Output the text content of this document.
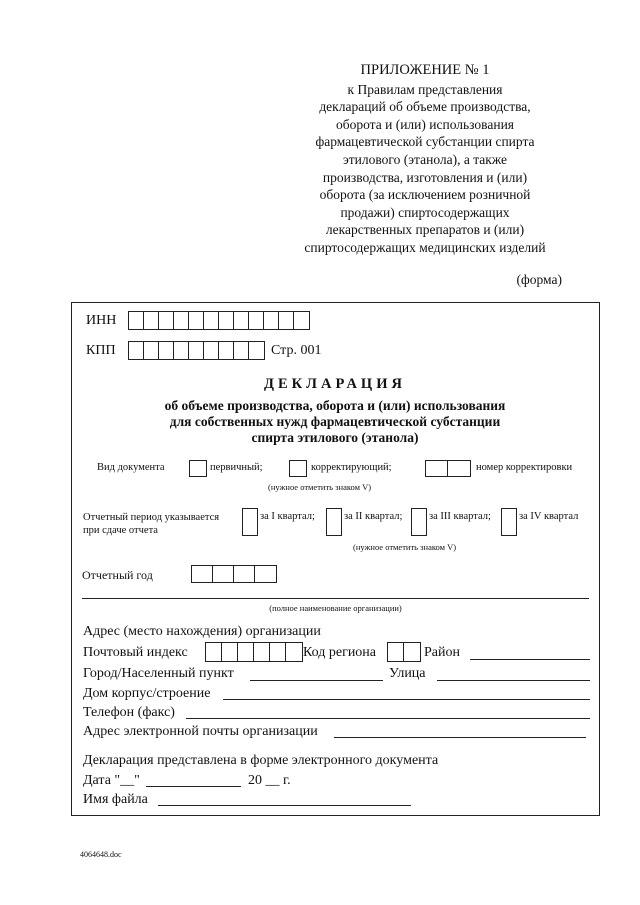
ПРИЛОЖЕНИЕ № 1
к Правилам представления
деклараций об объеме производства,
оборота и (или) использования
фармацевтической субстанции спирта
этилового (этанола), а также
производства, изготовления и (или)
оборота (за исключением розничной
продажи) спиртосодержащих
лекарственных препаратов и (или)
спиртосодержащих медицинских изделий
(форма)
ИНН
КПП	Стр. 001
ДЕКЛАРАЦИЯ
об объеме производства, оборота и (или) использования
для собственных нужд фармацевтической субстанции
спирта этилового (этанола)
Вид документа	первичный;	корректирующий;	номер корректировки
(нужное отметить знаком V)
Отчетный период указывается
при сдаче отчета
за I квартал;	за II квартал;	за III квартал;	за IV квартал
(нужное отметить знаком V)
Отчетный год
(полное наименование организации)
Адрес (место нахождения) организации
Почтовый индекс	Код региона	Район
Город/Населенный пункт	Улица
Дом корпус/строение
Телефон (факс)
Адрес электронной почты организации
Декларация представлена в форме электронного документа
Дата "__"	20 __ г.
Имя файла
4064648.doc
